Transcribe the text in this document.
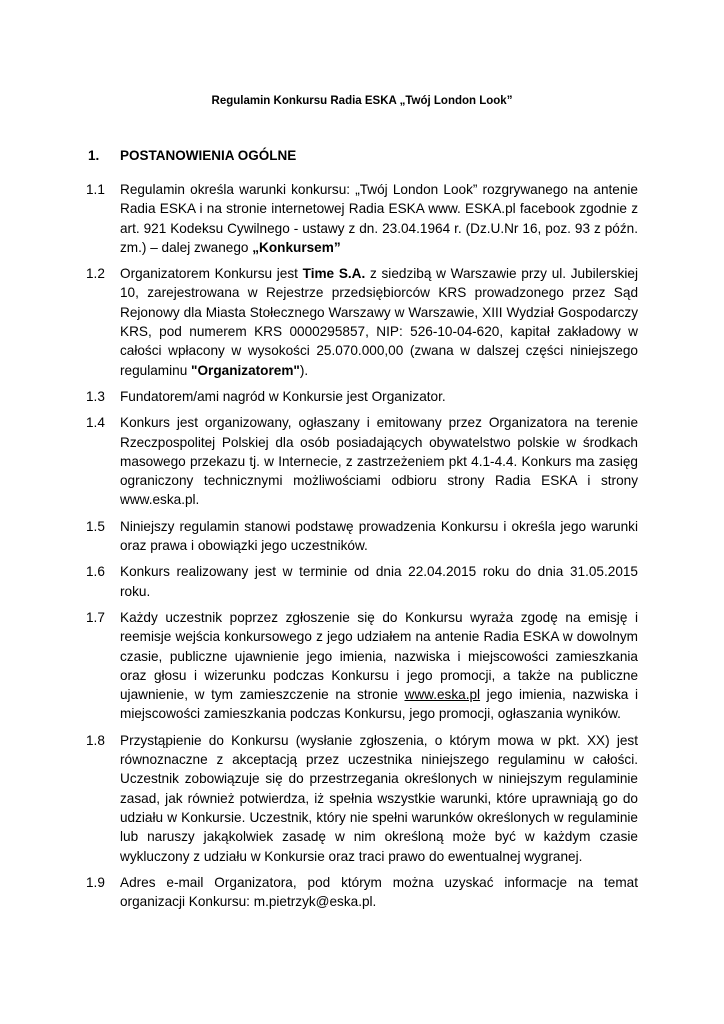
Regulamin Konkursu Radia ESKA „Twój London Look”
1. POSTANOWIENIA OGÓLNE
1.1 Regulamin określa warunki konkursu: „Twój London Look” rozgrywanego na antenie Radia ESKA i na stronie internetowej Radia ESKA www. ESKA.pl facebook zgodnie z art. 921 Kodeksu Cywilnego - ustawy z dn. 23.04.1964 r. (Dz.U.Nr 16, poz. 93 z późn. zm.) – dalej zwanego „Konkursem”
1.2 Organizatorem Konkursu jest Time S.A. z siedzibą w Warszawie przy ul. Jubilerskiej 10, zarejestrowana w Rejestrze przedsiębiorców KRS prowadzonego przez Sąd Rejonowy dla Miasta Stołecznego Warszawy w Warszawie, XIII Wydział Gospodarczy KRS, pod numerem KRS 0000295857, NIP: 526-10-04-620, kapitał zakładowy w całości wpłacony w wysokości 25.070.000,00 (zwana w dalszej części niniejszego regulaminu "Organizatorem").
1.3 Fundatorem/ami nagród w Konkursie jest Organizator.
1.4 Konkurs jest organizowany, ogłaszany i emitowany przez Organizatora na terenie Rzeczpospolitej Polskiej dla osób posiadających obywatelstwo polskie w środkach masowego przekazu tj. w Internecie, z zastrzeżeniem pkt 4.1-4.4. Konkurs ma zasięg ograniczony technicznymi możliwościami odbioru strony Radia ESKA i strony www.eska.pl.
1.5 Niniejszy regulamin stanowi podstawę prowadzenia Konkursu i określa jego warunki oraz prawa i obowiązki jego uczestników.
1.6 Konkurs realizowany jest w terminie od dnia 22.04.2015 roku do dnia 31.05.2015 roku.
1.7 Każdy uczestnik poprzez zgłoszenie się do Konkursu wyraża zgodę na emisję i reemisje wejścia konkursowego z jego udziałem na antenie Radia ESKA w dowolnym czasie, publiczne ujawnienie jego imienia, nazwiska i miejscowości zamieszkania oraz głosu i wizerunku podczas Konkursu i jego promocji, a także na publiczne ujawnienie, w tym zamieszczenie na stronie www.eska.pl jego imienia, nazwiska i miejscowości zamieszkania podczas Konkursu, jego promocji, ogłaszania wyników.
1.8 Przystąpienie do Konkursu (wysłanie zgłoszenia, o którym mowa w pkt. XX) jest równoznaczne z akceptacją przez uczestnika niniejszego regulaminu w całości. Uczestnik zobowiązuje się do przestrzegania określonych w niniejszym regulaminie zasad, jak również potwierdza, iż spełnia wszystkie warunki, które uprawniają go do udziału w Konkursie. Uczestnik, który nie spełni warunków określonych w regulaminie lub naruszy jakąkolwiek zasadę w nim określoną może być w każdym czasie wykluczony z udziału w Konkursie oraz traci prawo do ewentualnej wygranej.
1.9 Adres e-mail Organizatora, pod którym można uzyskać informacje na temat organizacji Konkursu: m.pietrzyk@eska.pl.
